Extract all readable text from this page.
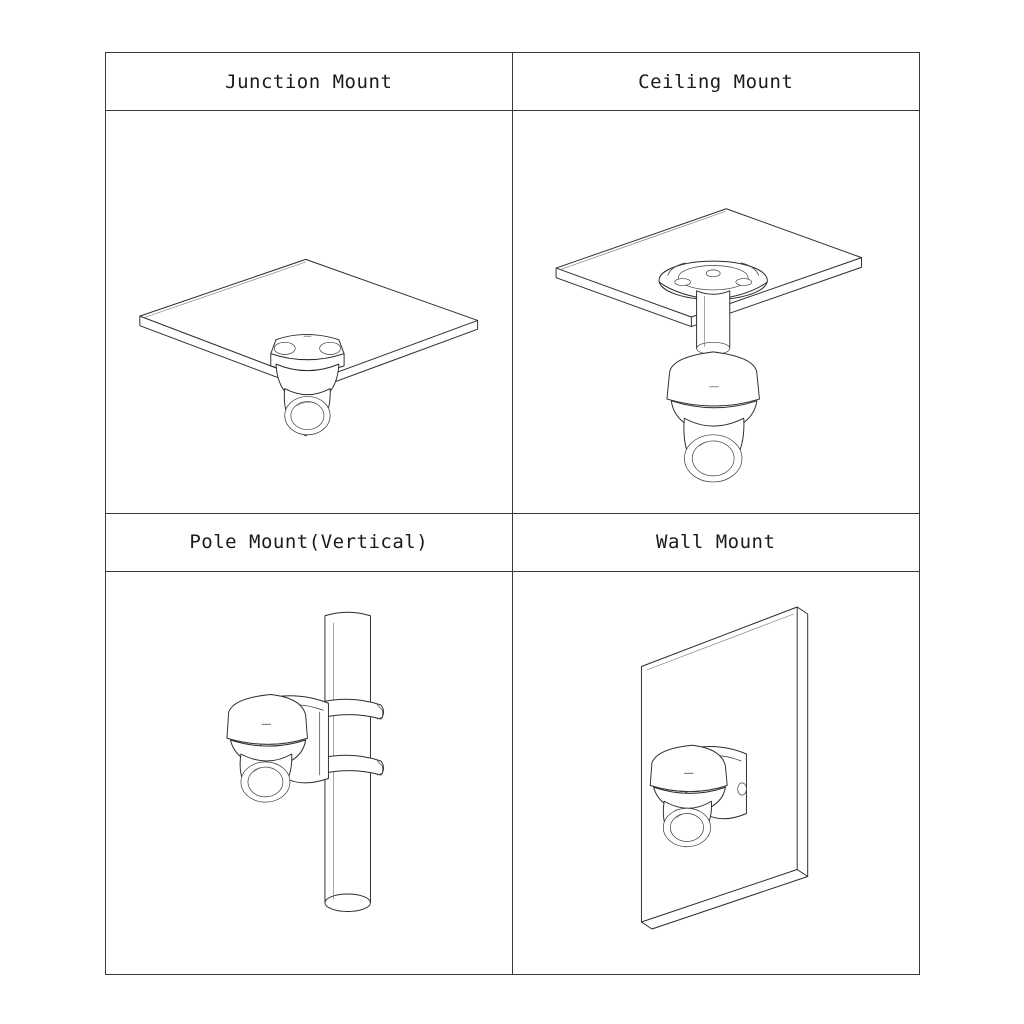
Junction Mount	Ceiling Mount
Pole Mount(Vertical)	Wall Mount
